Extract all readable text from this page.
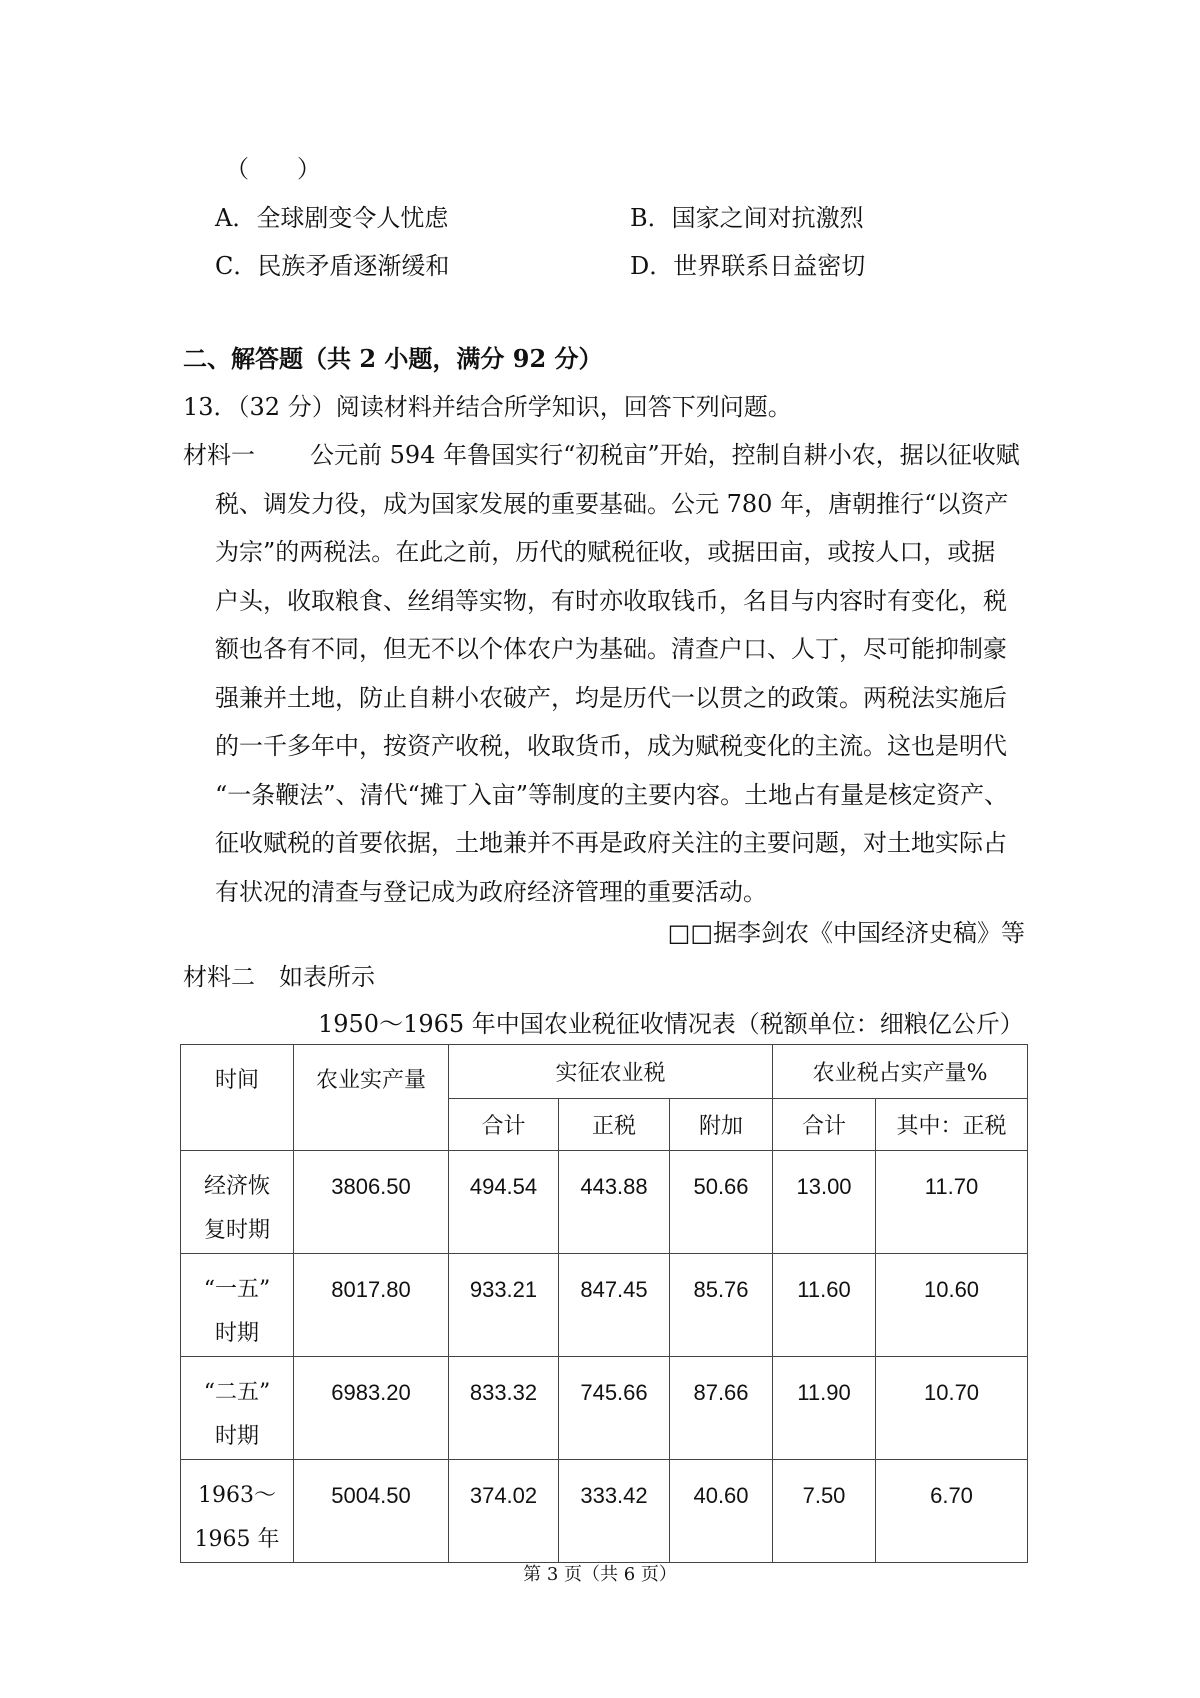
（　　）
A．全球剧变令人忧虑	B．国家之间对抗激烈
C．民族矛盾逐渐缓和	D．世界联系日益密切
二、解答题（共 2 小题，满分 92 分）
13．（32 分）阅读材料并结合所学知识，回答下列问题。
材料一	公元前 594 年鲁国实行“初税亩”开始，控制自耕小农，据以征收赋

税、调发力役，成为国家发展的重要基础。公元 780 年，唐朝推行“以资产

为宗”的两税法。在此之前，历代的赋税征收，或据田亩，或按人口，或据

户头，收取粮食、丝绢等实物，有时亦收取钱币，名目与内容时有变化，税

额也各有不同，但无不以个体农户为基础。清查户口、人丁，尽可能抑制豪

强兼并土地，防止自耕小农破产，均是历代一以贯之的政策。两税法实施后

的一千多年中，按资产收税，收取货币，成为赋税变化的主流。这也是明代

“一条鞭法”、清代“摊丁入亩”等制度的主要内容。土地占有量是核定资产、

征收赋税的首要依据，土地兼并不再是政府关注的主要问题，对土地实际占

有状况的清查与登记成为政府经济管理的重要活动。

□□据李剑农《中国经济史稿》等
材料二　如表所示
1950～1965 年中国农业税征收情况表（税额单位：细粮亿公斤）
时间	农业实产量	实征农业税			农业税占实产量%	
		合计	正税	附加	合计	其中：正税
经济恢
复时期	3806.50	494.54	443.88	50.66	13.00	11.70
“一五”
时期	8017.80	933.21	847.45	85.76	11.60	10.60
“二五”
时期	6983.20	833.32	745.66	87.66	11.90	10.70
1963～
1965 年	5004.50	374.02	333.42	40.60	7.50	6.70
第 3 页（共 6 页）
